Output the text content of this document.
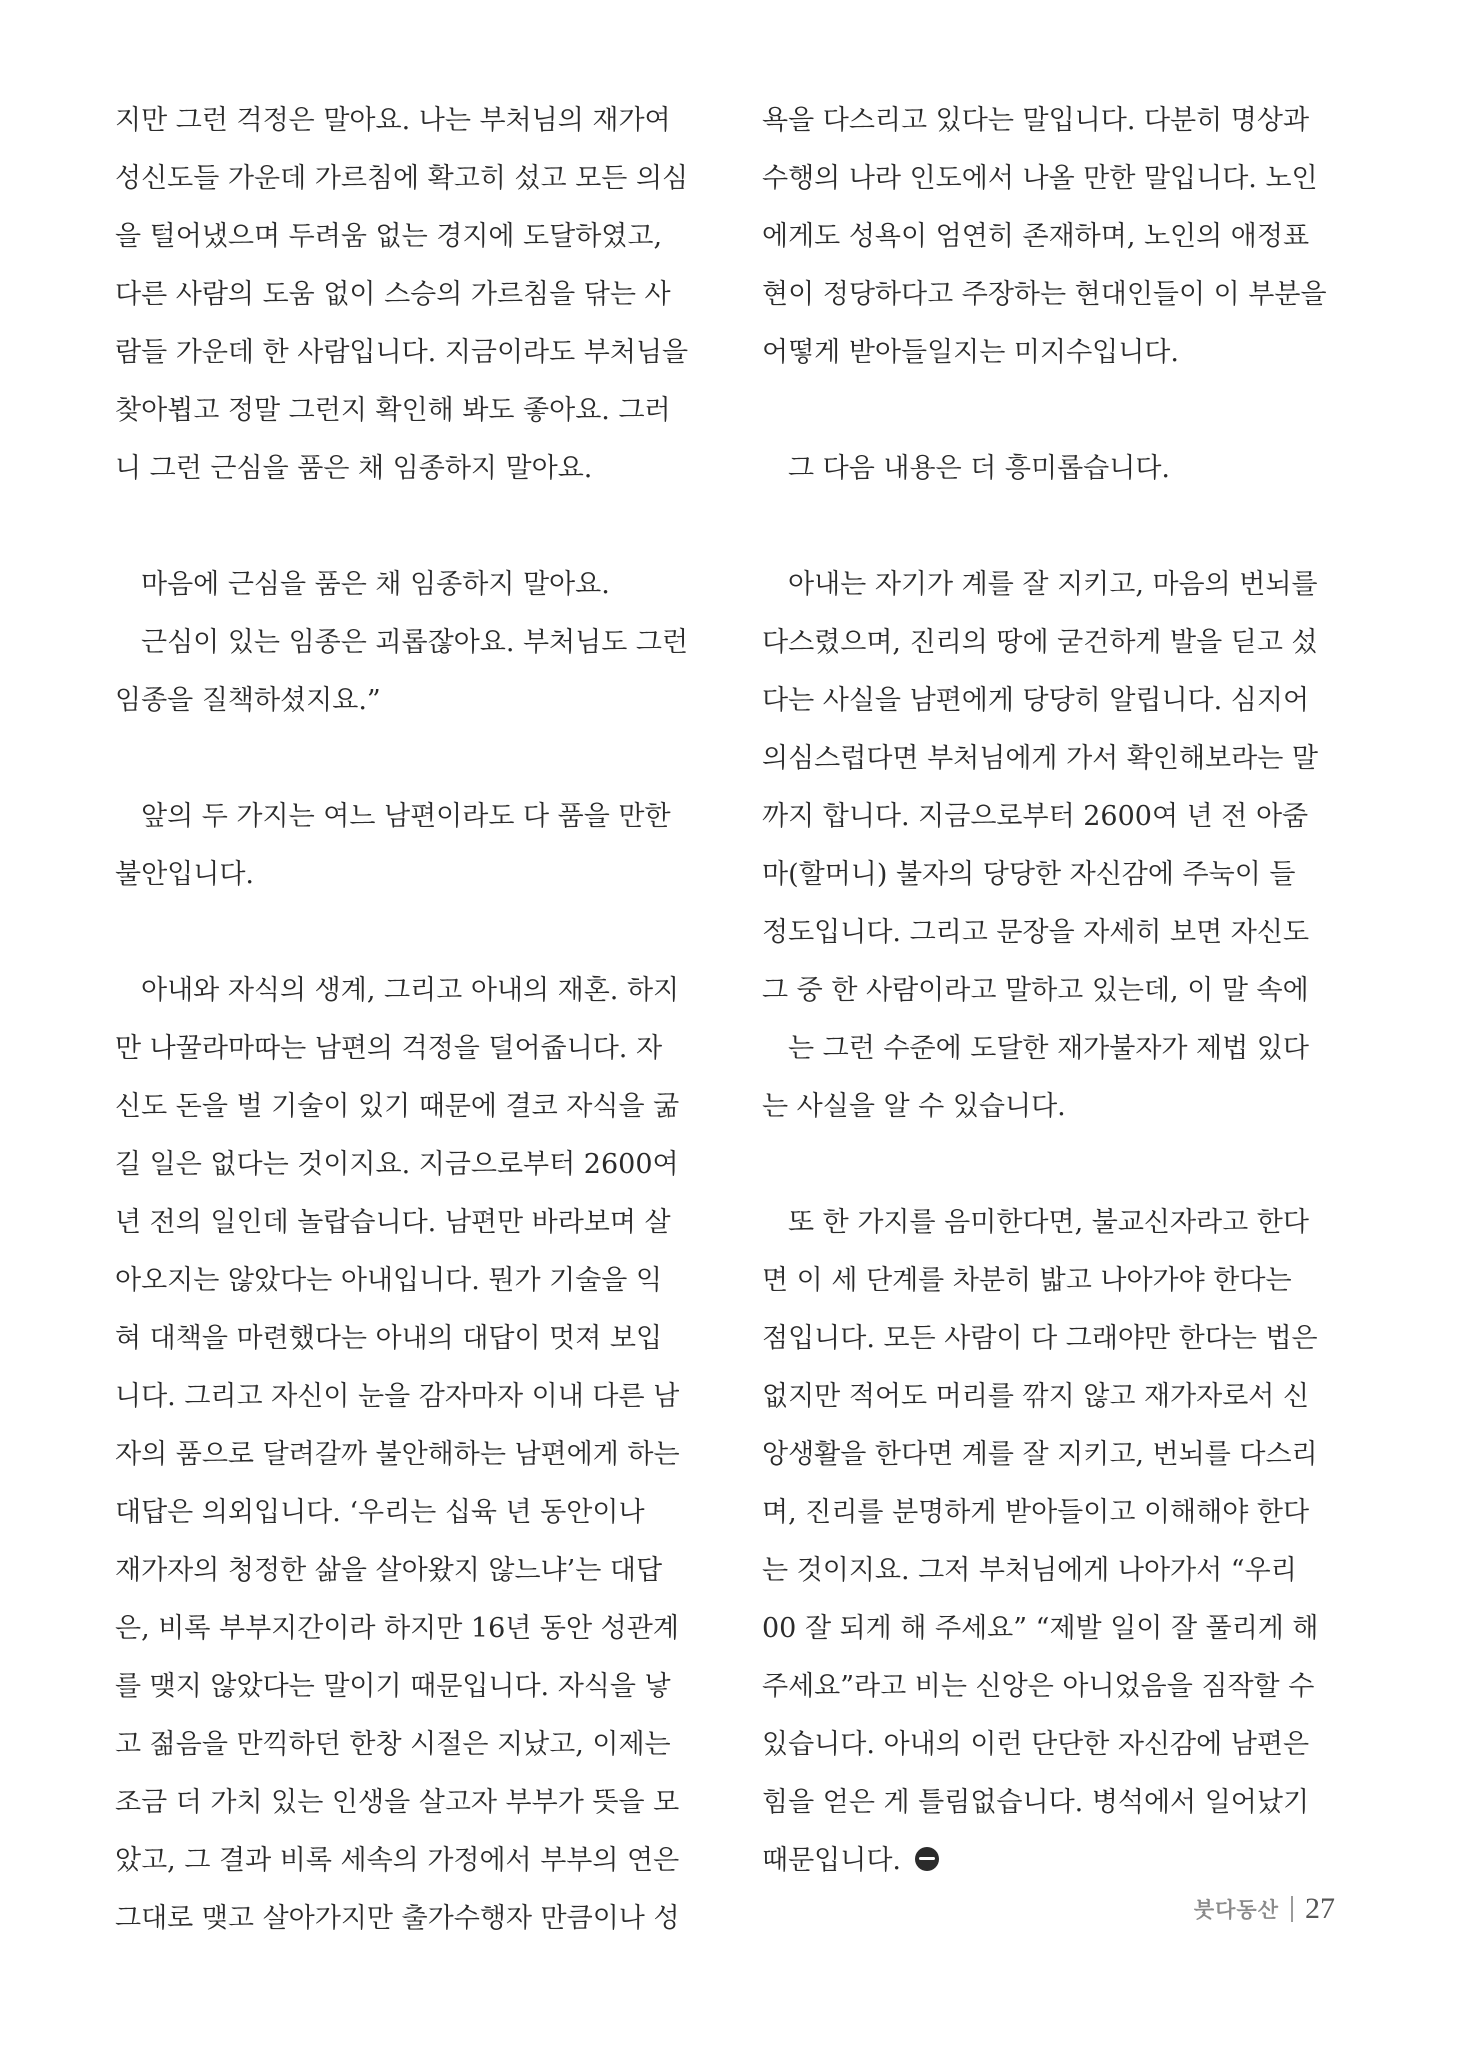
지만 그런 걱정은 말아요. 나는 부처님의 재가여
성신도들 가운데 가르침에 확고히 섰고 모든 의심
을 털어냈으며 두려움 없는 경지에 도달하였고,
다른 사람의 도움 없이 스승의 가르침을 닦는 사
람들 가운데 한 사람입니다. 지금이라도 부처님을
찾아뵙고 정말 그런지 확인해 봐도 좋아요. 그러
니 그런 근심을 품은 채 임종하지 말아요.
마음에 근심을 품은 채 임종하지 말아요.
근심이 있는 임종은 괴롭잖아요. 부처님도 그런
임종을 질책하셨지요.”
앞의 두 가지는 여느 남편이라도 다 품을 만한
불안입니다.
아내와 자식의 생계, 그리고 아내의 재혼. 하지
만 나꿀라마따는 남편의 걱정을 덜어줍니다. 자
신도 돈을 벌 기술이 있기 때문에 결코 자식을 굶
길 일은 없다는 것이지요. 지금으로부터 2600여
년 전의 일인데 놀랍습니다. 남편만 바라보며 살
아오지는 않았다는 아내입니다. 뭔가 기술을 익
혀 대책을 마련했다는 아내의 대답이 멋져 보입
니다. 그리고 자신이 눈을 감자마자 이내 다른 남
자의 품으로 달려갈까 불안해하는 남편에게 하는
대답은 의외입니다. ‘우리는 십육 년 동안이나
재가자의 청정한 삶을 살아왔지 않느냐’는 대답
은, 비록 부부지간이라 하지만 16년 동안 성관계
를 맺지 않았다는 말이기 때문입니다. 자식을 낳
고 젊음을 만끽하던 한창 시절은 지났고, 이제는
조금 더 가치 있는 인생을 살고자 부부가 뜻을 모
았고, 그 결과 비록 세속의 가정에서 부부의 연은
그대로 맺고 살아가지만 출가수행자 만큼이나 성
욕을 다스리고 있다는 말입니다. 다분히 명상과
수행의 나라 인도에서 나올 만한 말입니다. 노인
에게도 성욕이 엄연히 존재하며, 노인의 애정표
현이 정당하다고 주장하는 현대인들이 이 부분을
어떻게 받아들일지는 미지수입니다.
그 다음 내용은 더 흥미롭습니다.
아내는 자기가 계를 잘 지키고, 마음의 번뇌를
다스렸으며, 진리의 땅에 굳건하게 발을 딛고 섰
다는 사실을 남편에게 당당히 알립니다. 심지어
의심스럽다면 부처님에게 가서 확인해보라는 말
까지 합니다. 지금으로부터 2600여 년 전 아줌
마(할머니) 불자의 당당한 자신감에 주눅이 들
정도입니다. 그리고 문장을 자세히 보면 자신도
그 중 한 사람이라고 말하고 있는데, 이 말 속에
는 그런 수준에 도달한 재가불자가 제법 있다
는 사실을 알 수 있습니다.
또 한 가지를 음미한다면, 불교신자라고 한다
면 이 세 단계를 차분히 밟고 나아가야 한다는
점입니다. 모든 사람이 다 그래야만 한다는 법은
없지만 적어도 머리를 깎지 않고 재가자로서 신
앙생활을 한다면 계를 잘 지키고, 번뇌를 다스리
며, 진리를 분명하게 받아들이고 이해해야 한다
는 것이지요. 그저 부처님에게 나아가서 “우리
00 잘 되게 해 주세요” “제발 일이 잘 풀리게 해
주세요”라고 비는 신앙은 아니었음을 짐작할 수
있습니다. 아내의 이런 단단한 자신감에 남편은
힘을 얻은 게 틀림없습니다. 병석에서 일어났기
때문입니다.
붓다동산 27
